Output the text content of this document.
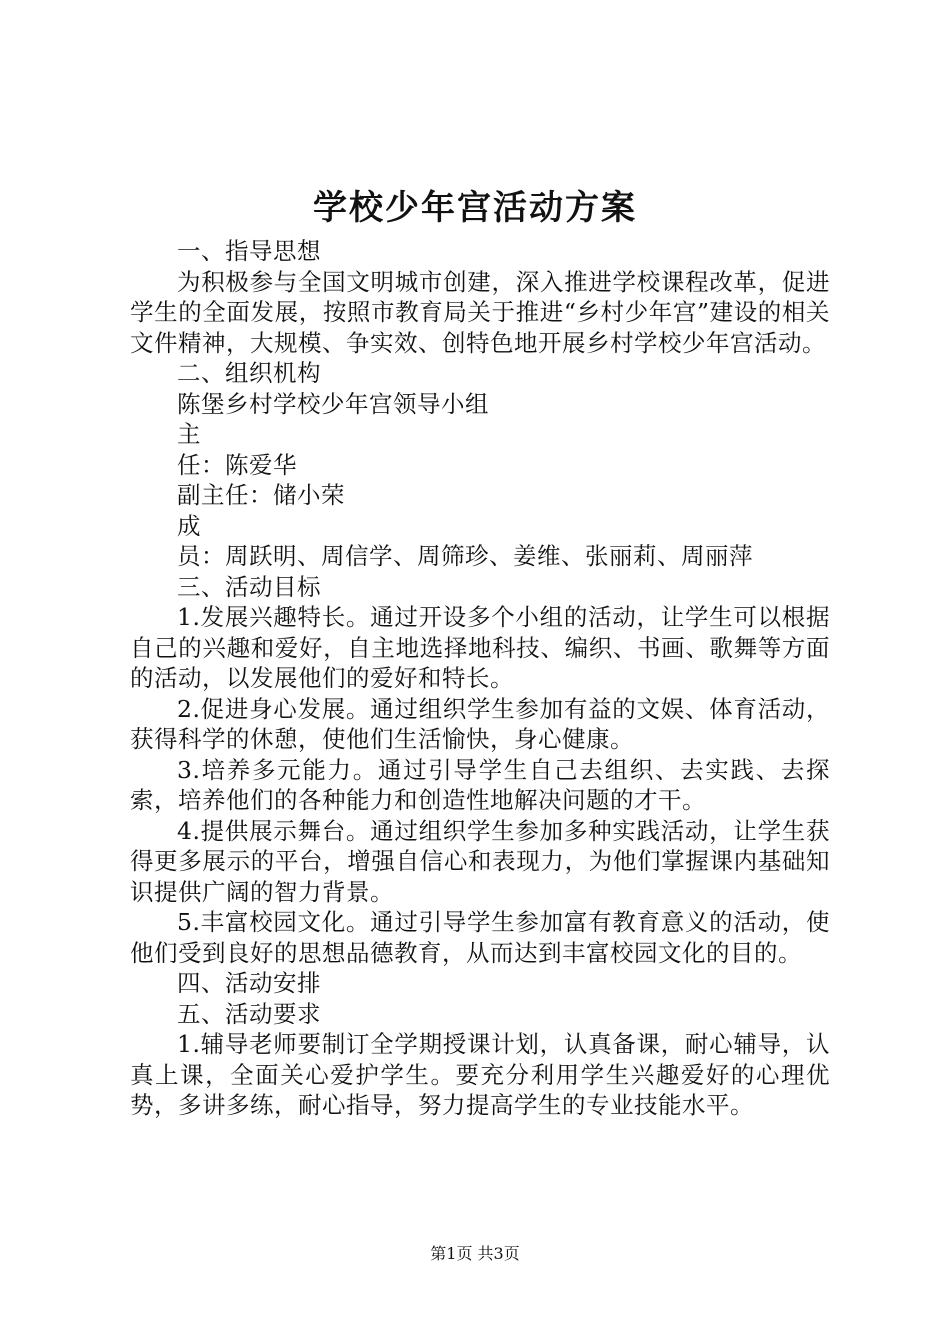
学校少年宫活动方案

一、指导思想

为积极参与全国文明城市创建，深入推进学校课程改革，促进学生的全面发展，按照市教育局关于推进“乡村少年宫”建设的相关文件精神，大规模、争实效、创特色地开展乡村学校少年宫活动。

二、组织机构

陈堡乡村学校少年宫领导小组

主

任：陈爱华

副主任：储小荣

成

员：周跃明、周信学、周筛珍、姜维、张丽莉、周丽萍

三、活动目标

1.发展兴趣特长。通过开设多个小组的活动，让学生可以根据自己的兴趣和爱好，自主地选择地科技、编织、书画、歌舞等方面的活动，以发展他们的爱好和特长。

2.促进身心发展。通过组织学生参加有益的文娱、体育活动，获得科学的休憩，使他们生活愉快，身心健康。

3.培养多元能力。通过引导学生自己去组织、去实践、去探索，培养他们的各种能力和创造性地解决问题的才干。

4.提供展示舞台。通过组织学生参加多种实践活动，让学生获得更多展示的平台，增强自信心和表现力，为他们掌握课内基础知识提供广阔的智力背景。

5.丰富校园文化。通过引导学生参加富有教育意义的活动，使他们受到良好的思想品德教育，从而达到丰富校园文化的目的。

四、活动安排

五、活动要求

1.辅导老师要制订全学期授课计划，认真备课，耐心辅导，认真上课，全面关心爱护学生。要充分利用学生兴趣爱好的心理优势，多讲多练，耐心指导，努力提高学生的专业技能水平。

第1页 共3页
